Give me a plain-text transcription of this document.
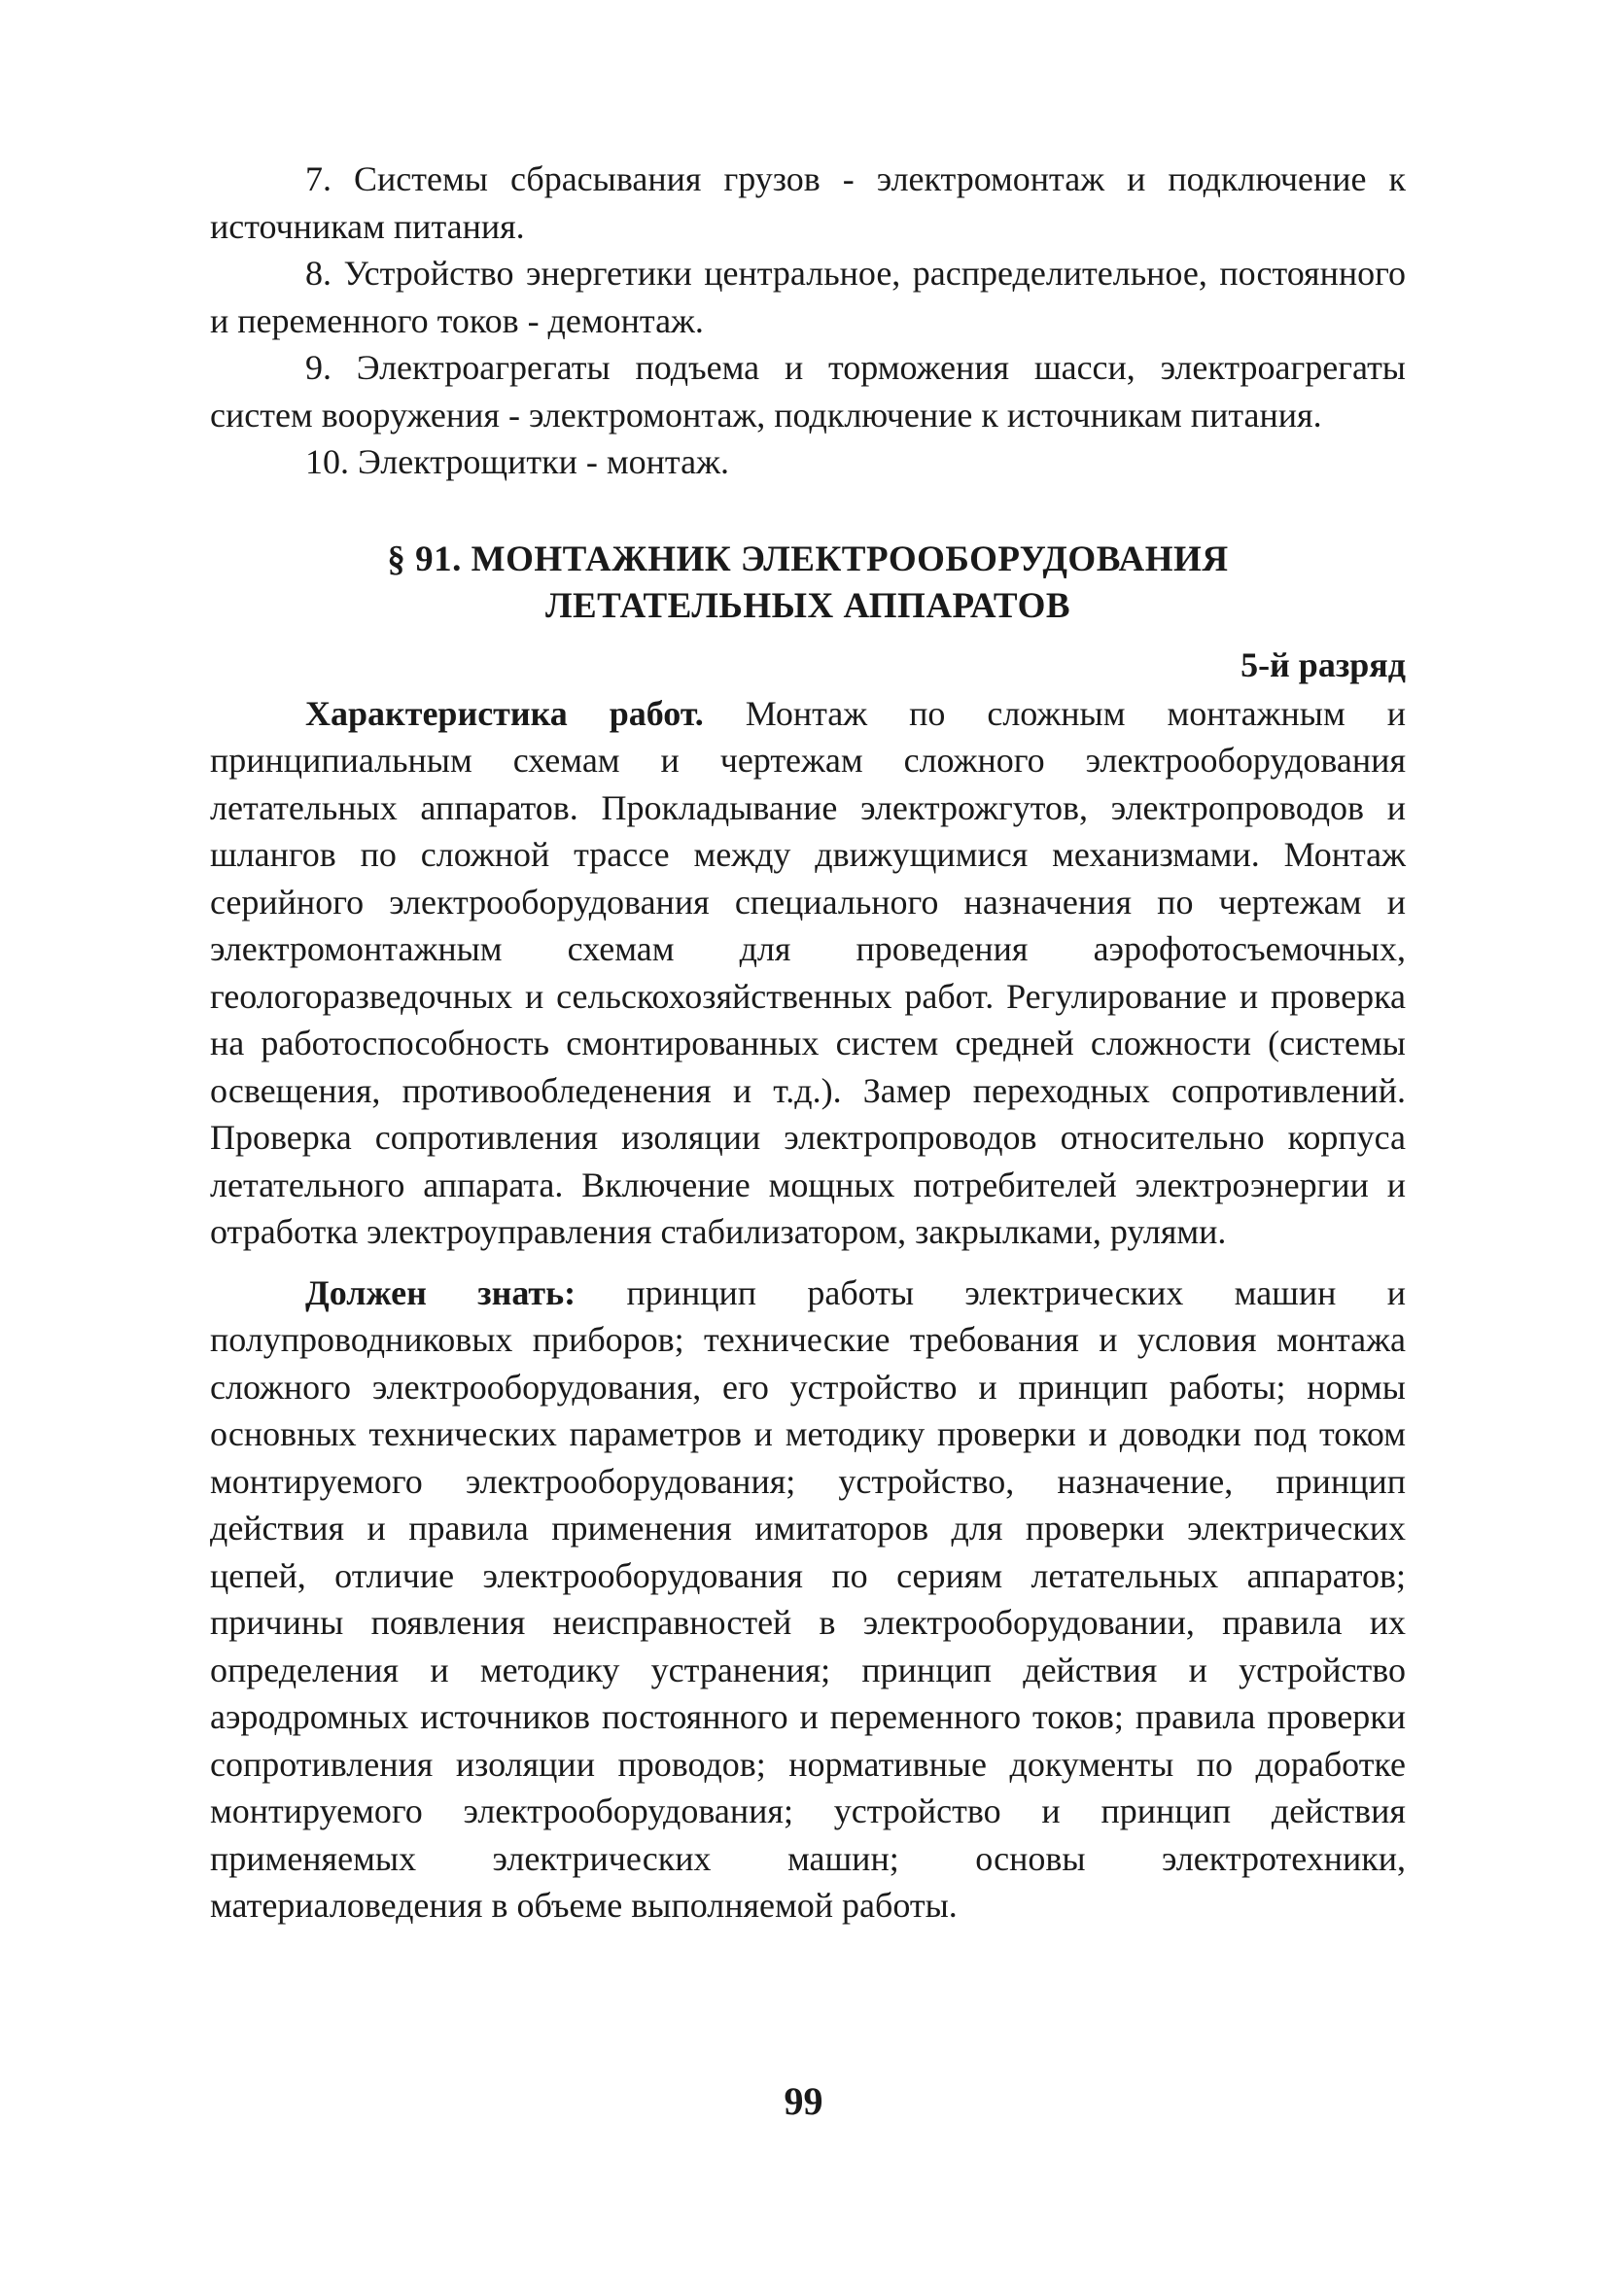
7. Системы сбрасывания грузов - электромонтаж и подключение к источникам питания.

8. Устройство энергетики центральное, распределительное, постоянного и переменного токов - демонтаж.

9. Электроагрегаты подъема и торможения шасси, электроагрегаты систем вооружения - электромонтаж, подключение к источникам питания.

10. Электрощитки - монтаж.

§ 91. МОНТАЖНИК ЭЛЕКТРООБОРУДОВАНИЯ
ЛЕТАТЕЛЬНЫХ АППАРАТОВ
5-й разряд

Характеристика работ. Монтаж по сложным монтажным и принципиальным схемам и чертежам сложного электрооборудования летательных аппаратов. Прокладывание электрожгутов, электропроводов и шлангов по сложной трассе между движущимися механизмами. Монтаж серийного электрооборудования специального назначения по чертежам и электромонтажным схемам для проведения аэрофотосъемочных, геологоразведочных и сельскохозяйственных работ. Регулирование и проверка на работоспособность смонтированных систем средней сложности (системы освещения, противообледенения и т.д.). Замер переходных сопротивлений. Проверка сопротивления изоляции электропроводов относительно корпуса летательного аппарата. Включение мощных потребителей электроэнергии и отработка электроуправления стабилизатором, закрылками, рулями.

Должен знать: принцип работы электрических машин и полупроводниковых приборов; технические требования и условия монтажа сложного электрооборудования, его устройство и принцип работы; нормы основных технических параметров и методику проверки и доводки под током монтируемого электрооборудования; устройство, назначение, принцип действия и правила применения имитаторов для проверки электрических цепей, отличие электрооборудования по сериям летательных аппаратов; причины появления неисправностей в электрооборудовании, правила их определения и методику устранения; принцип действия и устройство аэродромных источников постоянного и переменного токов; правила проверки сопротивления изоляции проводов; нормативные документы по доработке монтируемого электрооборудования; устройство и принцип действия применяемых электрических машин; основы электротехники, материаловедения в объеме выполняемой работы.

99
